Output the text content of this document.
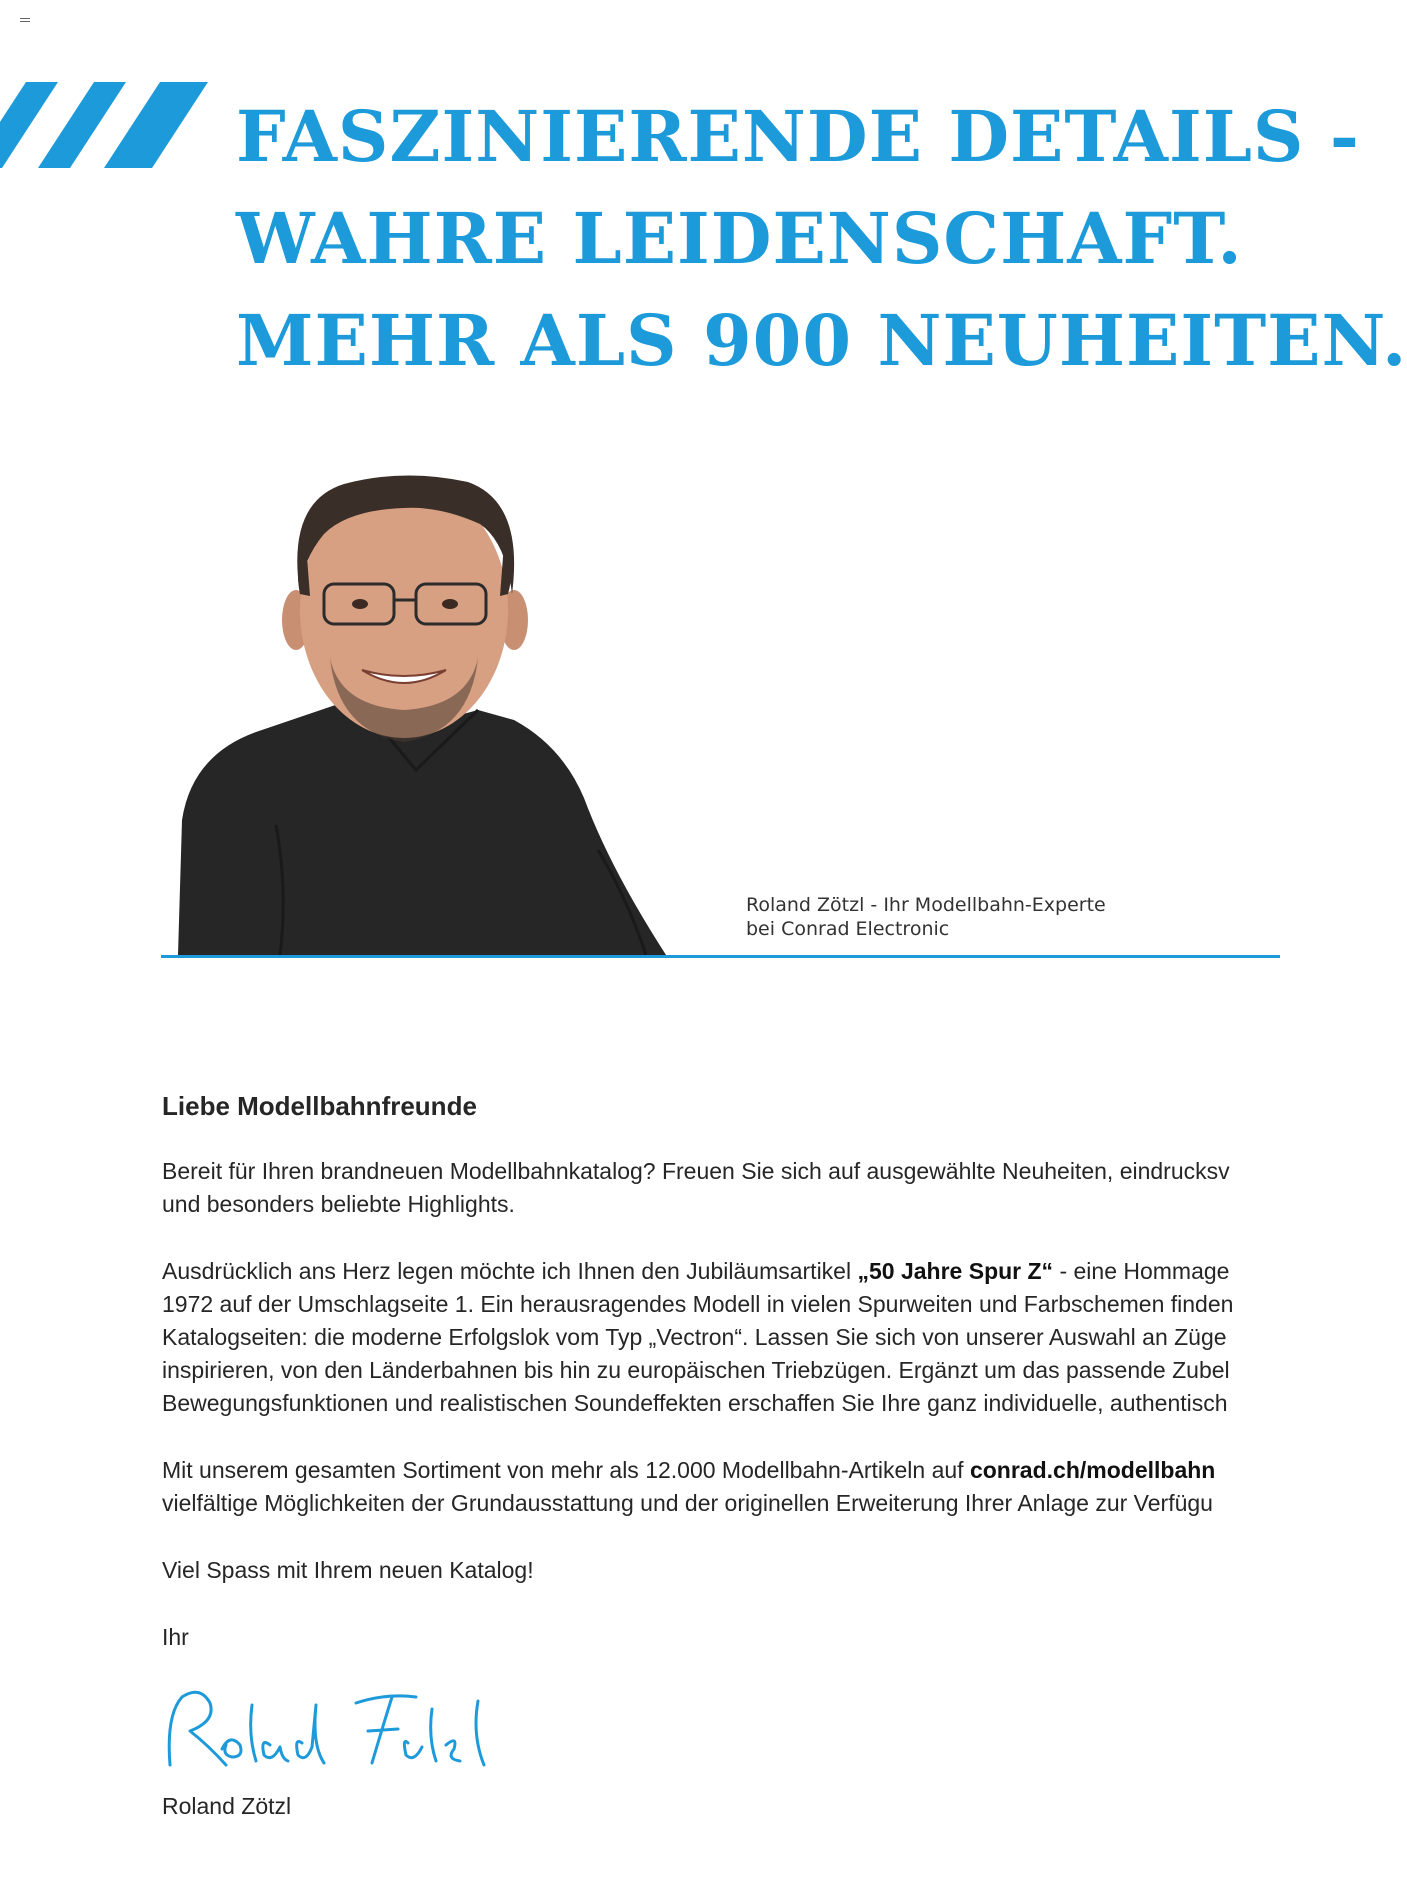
FASZINIERENDE DETAILS -
WAHRE LEIDENSCHAFT.
MEHR ALS 900 NEUHEITEN.
Roland Zötzl - Ihr Modellbahn-Experte
bei Conrad Electronic
Liebe Modellbahnfreunde

Bereit für Ihren brandneuen Modellbahnkatalog? Freuen Sie sich auf ausgewählte Neuheiten, eindrucksv
und besonders beliebte Highlights.

Ausdrücklich ans Herz legen möchte ich Ihnen den Jubiläumsartikel „50 Jahre Spur Z“ - eine Hommage
1972 auf der Umschlagseite 1. Ein herausragendes Modell in vielen Spurweiten und Farbschemen finden
Katalogseiten: die moderne Erfolgslok vom Typ „Vectron“. Lassen Sie sich von unserer Auswahl an Züge
inspirieren, von den Länderbahnen bis hin zu europäischen Triebzügen. Ergänzt um das passende Zubel
Bewegungsfunktionen und realistischen Soundeffekten erschaffen Sie Ihre ganz individuelle, authentisch

Mit unserem gesamten Sortiment von mehr als 12.000 Modellbahn-Artikeln auf conrad.ch/modellbahn
vielfältige Möglichkeiten der Grundausstattung und der originellen Erweiterung Ihrer Anlage zur Verfügu

Viel Spass mit Ihrem neuen Katalog!

Ihr

Roland Zötzl
